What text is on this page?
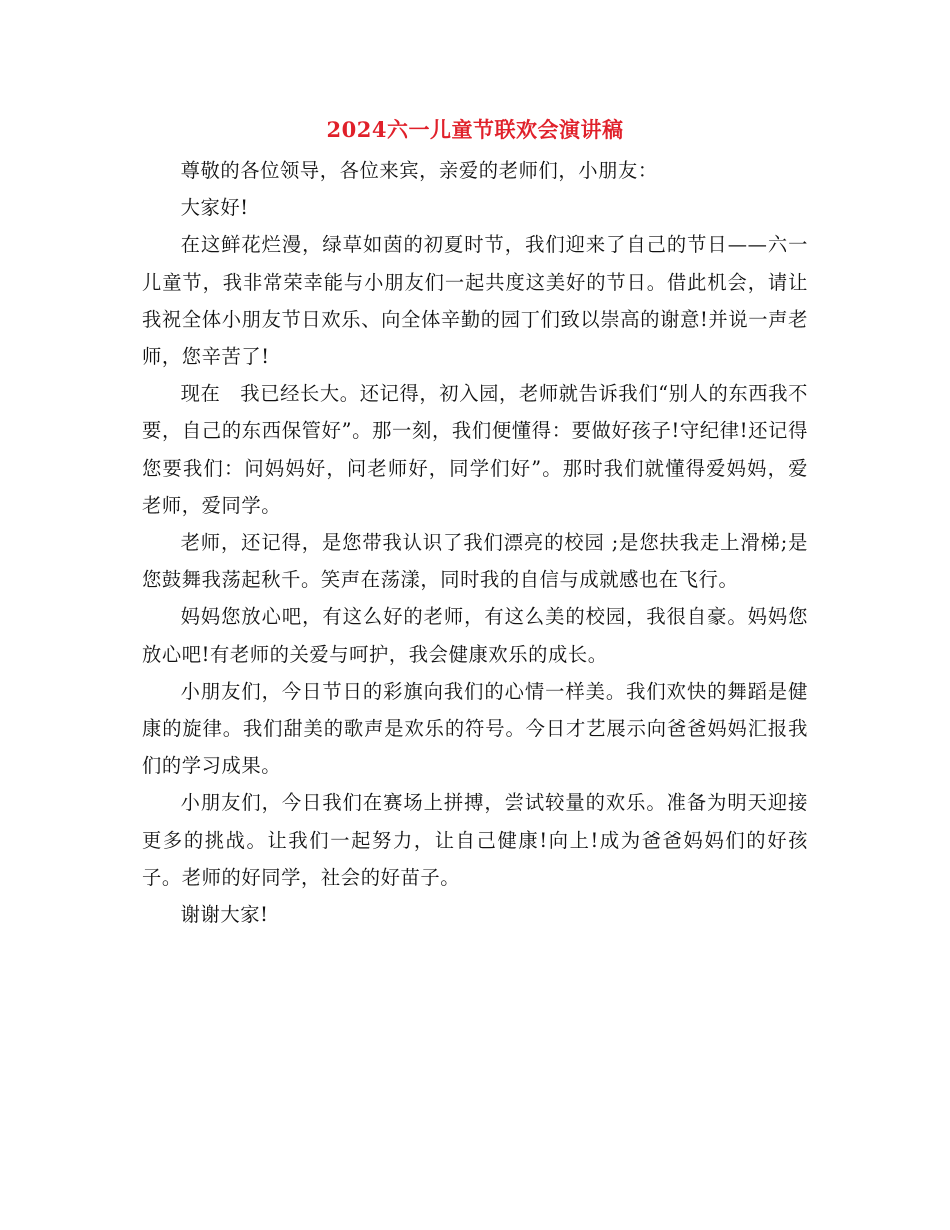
2024六一儿童节联欢会演讲稿

尊敬的各位领导，各位来宾，亲爱的老师们，小朋友：

大家好!

在这鲜花烂漫，绿草如茵的初夏时节，我们迎来了自己的节日——六一儿童节，我非常荣幸能与小朋友们一起共度这美好的节日。借此机会，请让我祝全体小朋友节日欢乐、向全体辛勤的园丁们致以崇高的谢意!并说一声老师，您辛苦了!

现在　我已经长大。还记得，初入园，老师就告诉我们“别人的东西我不要，自己的东西保管好”。那一刻，我们便懂得：要做好孩子!守纪律!还记得您要我们：问妈妈好，问老师好，同学们好”。那时我们就懂得爱妈妈，爱老师，爱同学。

老师，还记得，是您带我认识了我们漂亮的校园 ;是您扶我走上滑梯;是您鼓舞我荡起秋千。笑声在荡漾，同时我的自信与成就感也在飞行。

妈妈您放心吧，有这么好的老师，有这么美的校园，我很自豪。妈妈您放心吧!有老师的关爱与呵护，我会健康欢乐的成长。

小朋友们，今日节日的彩旗向我们的心情一样美。我们欢快的舞蹈是健康的旋律。我们甜美的歌声是欢乐的符号。今日才艺展示向爸爸妈妈汇报我们的学习成果。

小朋友们，今日我们在赛场上拼搏，尝试较量的欢乐。准备为明天迎接更多的挑战。让我们一起努力，让自己健康!向上!成为爸爸妈妈们的好孩子。老师的好同学，社会的好苗子。

谢谢大家!
